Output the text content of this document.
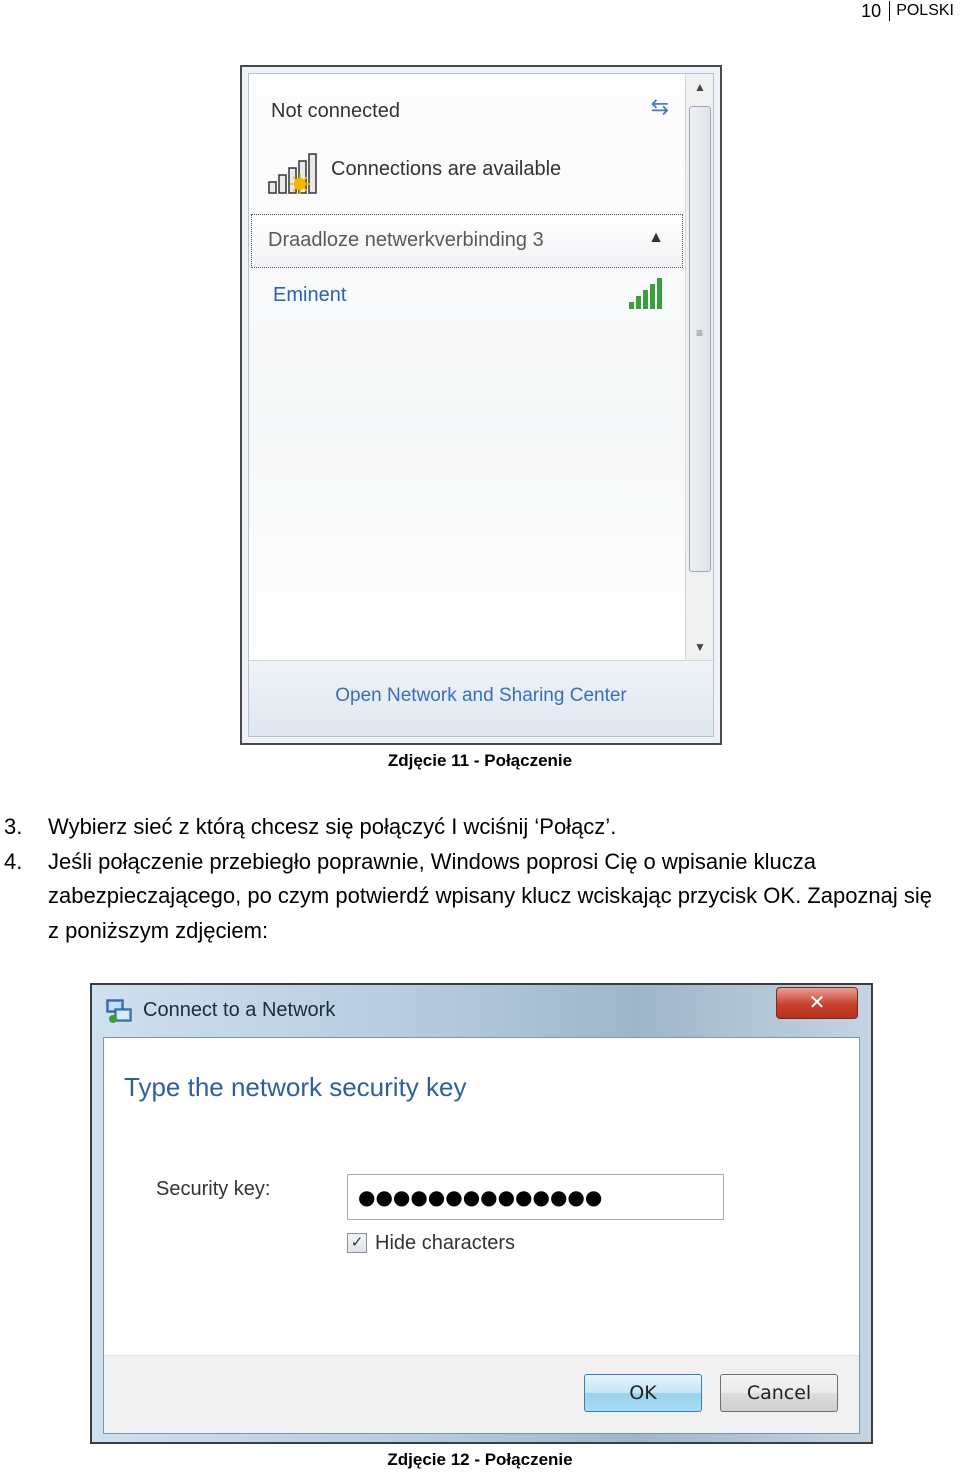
10 POLSKI
Not connected	⇆
Connections are available
Draadloze netwerkverbinding 3	▲
Eminent
▲
≡
▼
Open Network and Sharing Center
Zdjęcie 11 - Połączenie
3. Wybierz sieć z którą chcesz się połączyć I wciśnij ‘Połącz’.
4. Jeśli połączenie przebiegło poprawnie, Windows poprosi Cię o wpisanie klucza zabezpieczającego, po czym potwierdź wpisany klucz wciskając przycisk OK. Zapoznaj się z poniższym zdjęciem:
Connect to a Network	✕
Type the network security key
Security key:
●●●●●●●●●●●●●●
✓ Hide characters
OK	Cancel
Zdjęcie 12 - Połączenie
